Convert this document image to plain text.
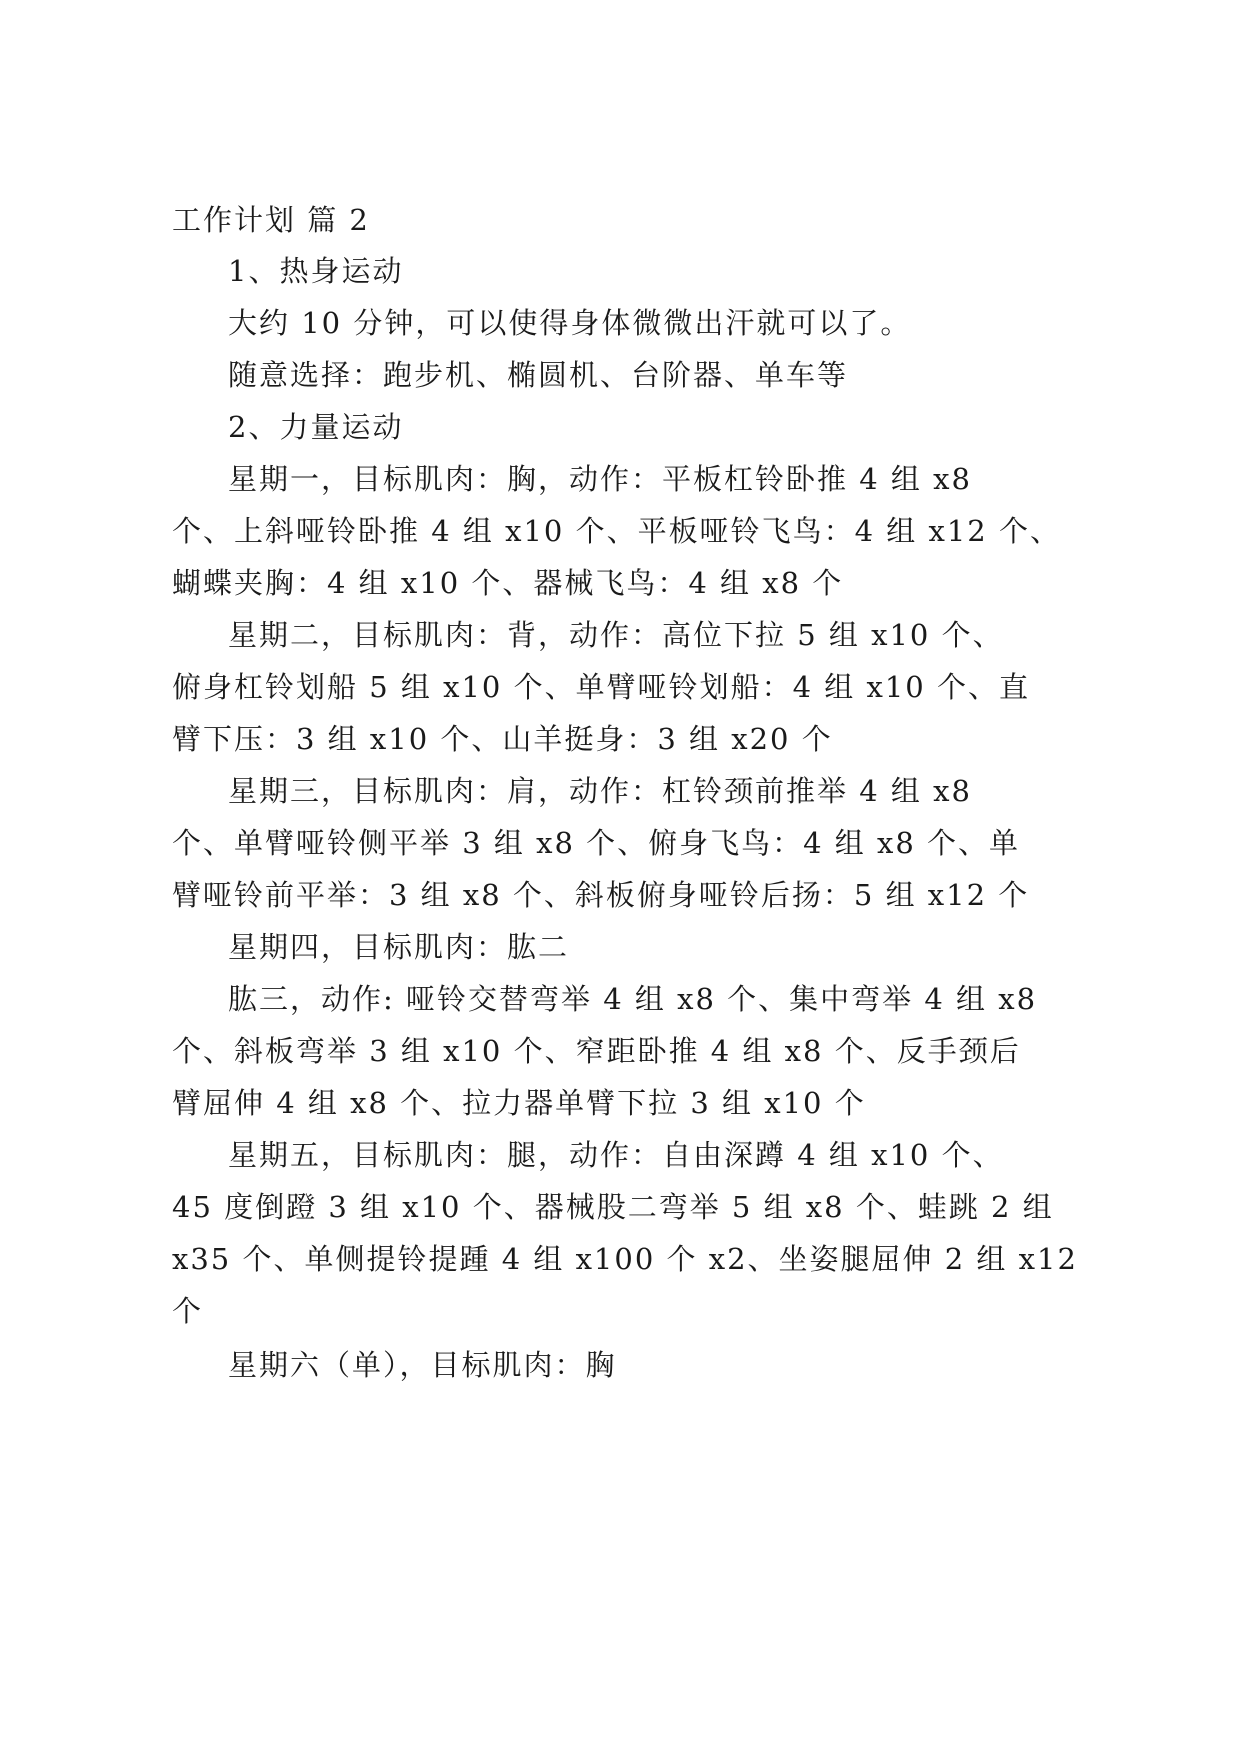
工作计划 篇 2
1、热身运动
大约 10 分钟，可以使得身体微微出汗就可以了。
随意选择：跑步机、椭圆机、台阶器、单车等
2、力量运动
星期一，目标肌肉：胸，动作：平板杠铃卧推 4 组 x8
个、上斜哑铃卧推 4 组 x10 个、平板哑铃飞鸟：4 组 x12 个、
蝴蝶夹胸：4 组 x10 个、器械飞鸟：4 组 x8 个
星期二，目标肌肉：背，动作：高位下拉 5 组 x10 个、
俯身杠铃划船 5 组 x10 个、单臂哑铃划船：4 组 x10 个、直
臂下压：3 组 x10 个、山羊挺身：3 组 x20 个
星期三，目标肌肉：肩，动作：杠铃颈前推举 4 组 x8
个、单臂哑铃侧平举 3 组 x8 个、俯身飞鸟：4 组 x8 个、单
臂哑铃前平举：3 组 x8 个、斜板俯身哑铃后扬：5 组 x12 个
星期四，目标肌肉：肱二
肱三，动作: 哑铃交替弯举 4 组 x8 个、集中弯举 4 组 x8
个、斜板弯举 3 组 x10 个、窄距卧推 4 组 x8 个、反手颈后
臂屈伸 4 组 x8 个、拉力器单臂下拉 3 组 x10 个
星期五，目标肌肉：腿，动作：自由深蹲 4 组 x10 个、
45 度倒蹬 3 组 x10 个、器械股二弯举 5 组 x8 个、蛙跳 2 组
x35 个、单侧提铃提踵 4 组 x100 个 x2、坐姿腿屈伸 2 组 x12
个
星期六（单），目标肌肉：胸
